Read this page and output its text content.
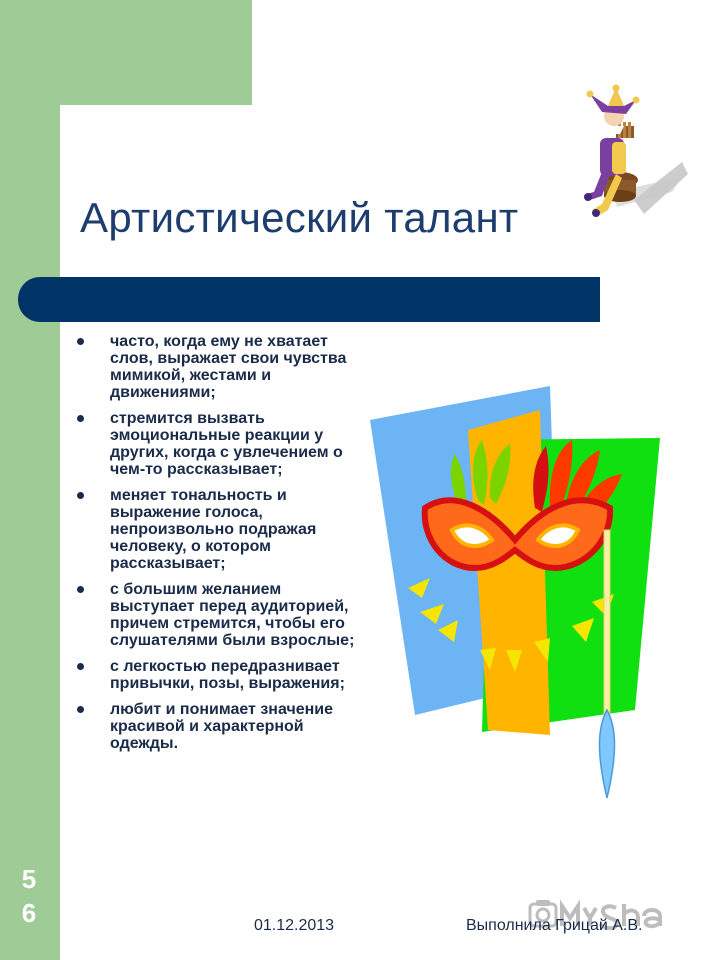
Артистический талант
часто, когда ему не хватает слов, выражает свои чувства мимикой, жестами и движениями;
стремится вызвать эмоциональные реакции у других, когда с увлечением о чем-то рассказывает;
меняет тональность и выражение голоса, непроизвольно подражая человеку, о котором рассказывает;
с большим желанием выступает перед аудиторией, причем стремится, чтобы его слушателями были взрослые;
с легкостью передразнивает привычки, позы, выражения;
любит и понимает значение красивой и характерной одежды.
5
6	01.12.2013	Выполнила Грицай А.В.
